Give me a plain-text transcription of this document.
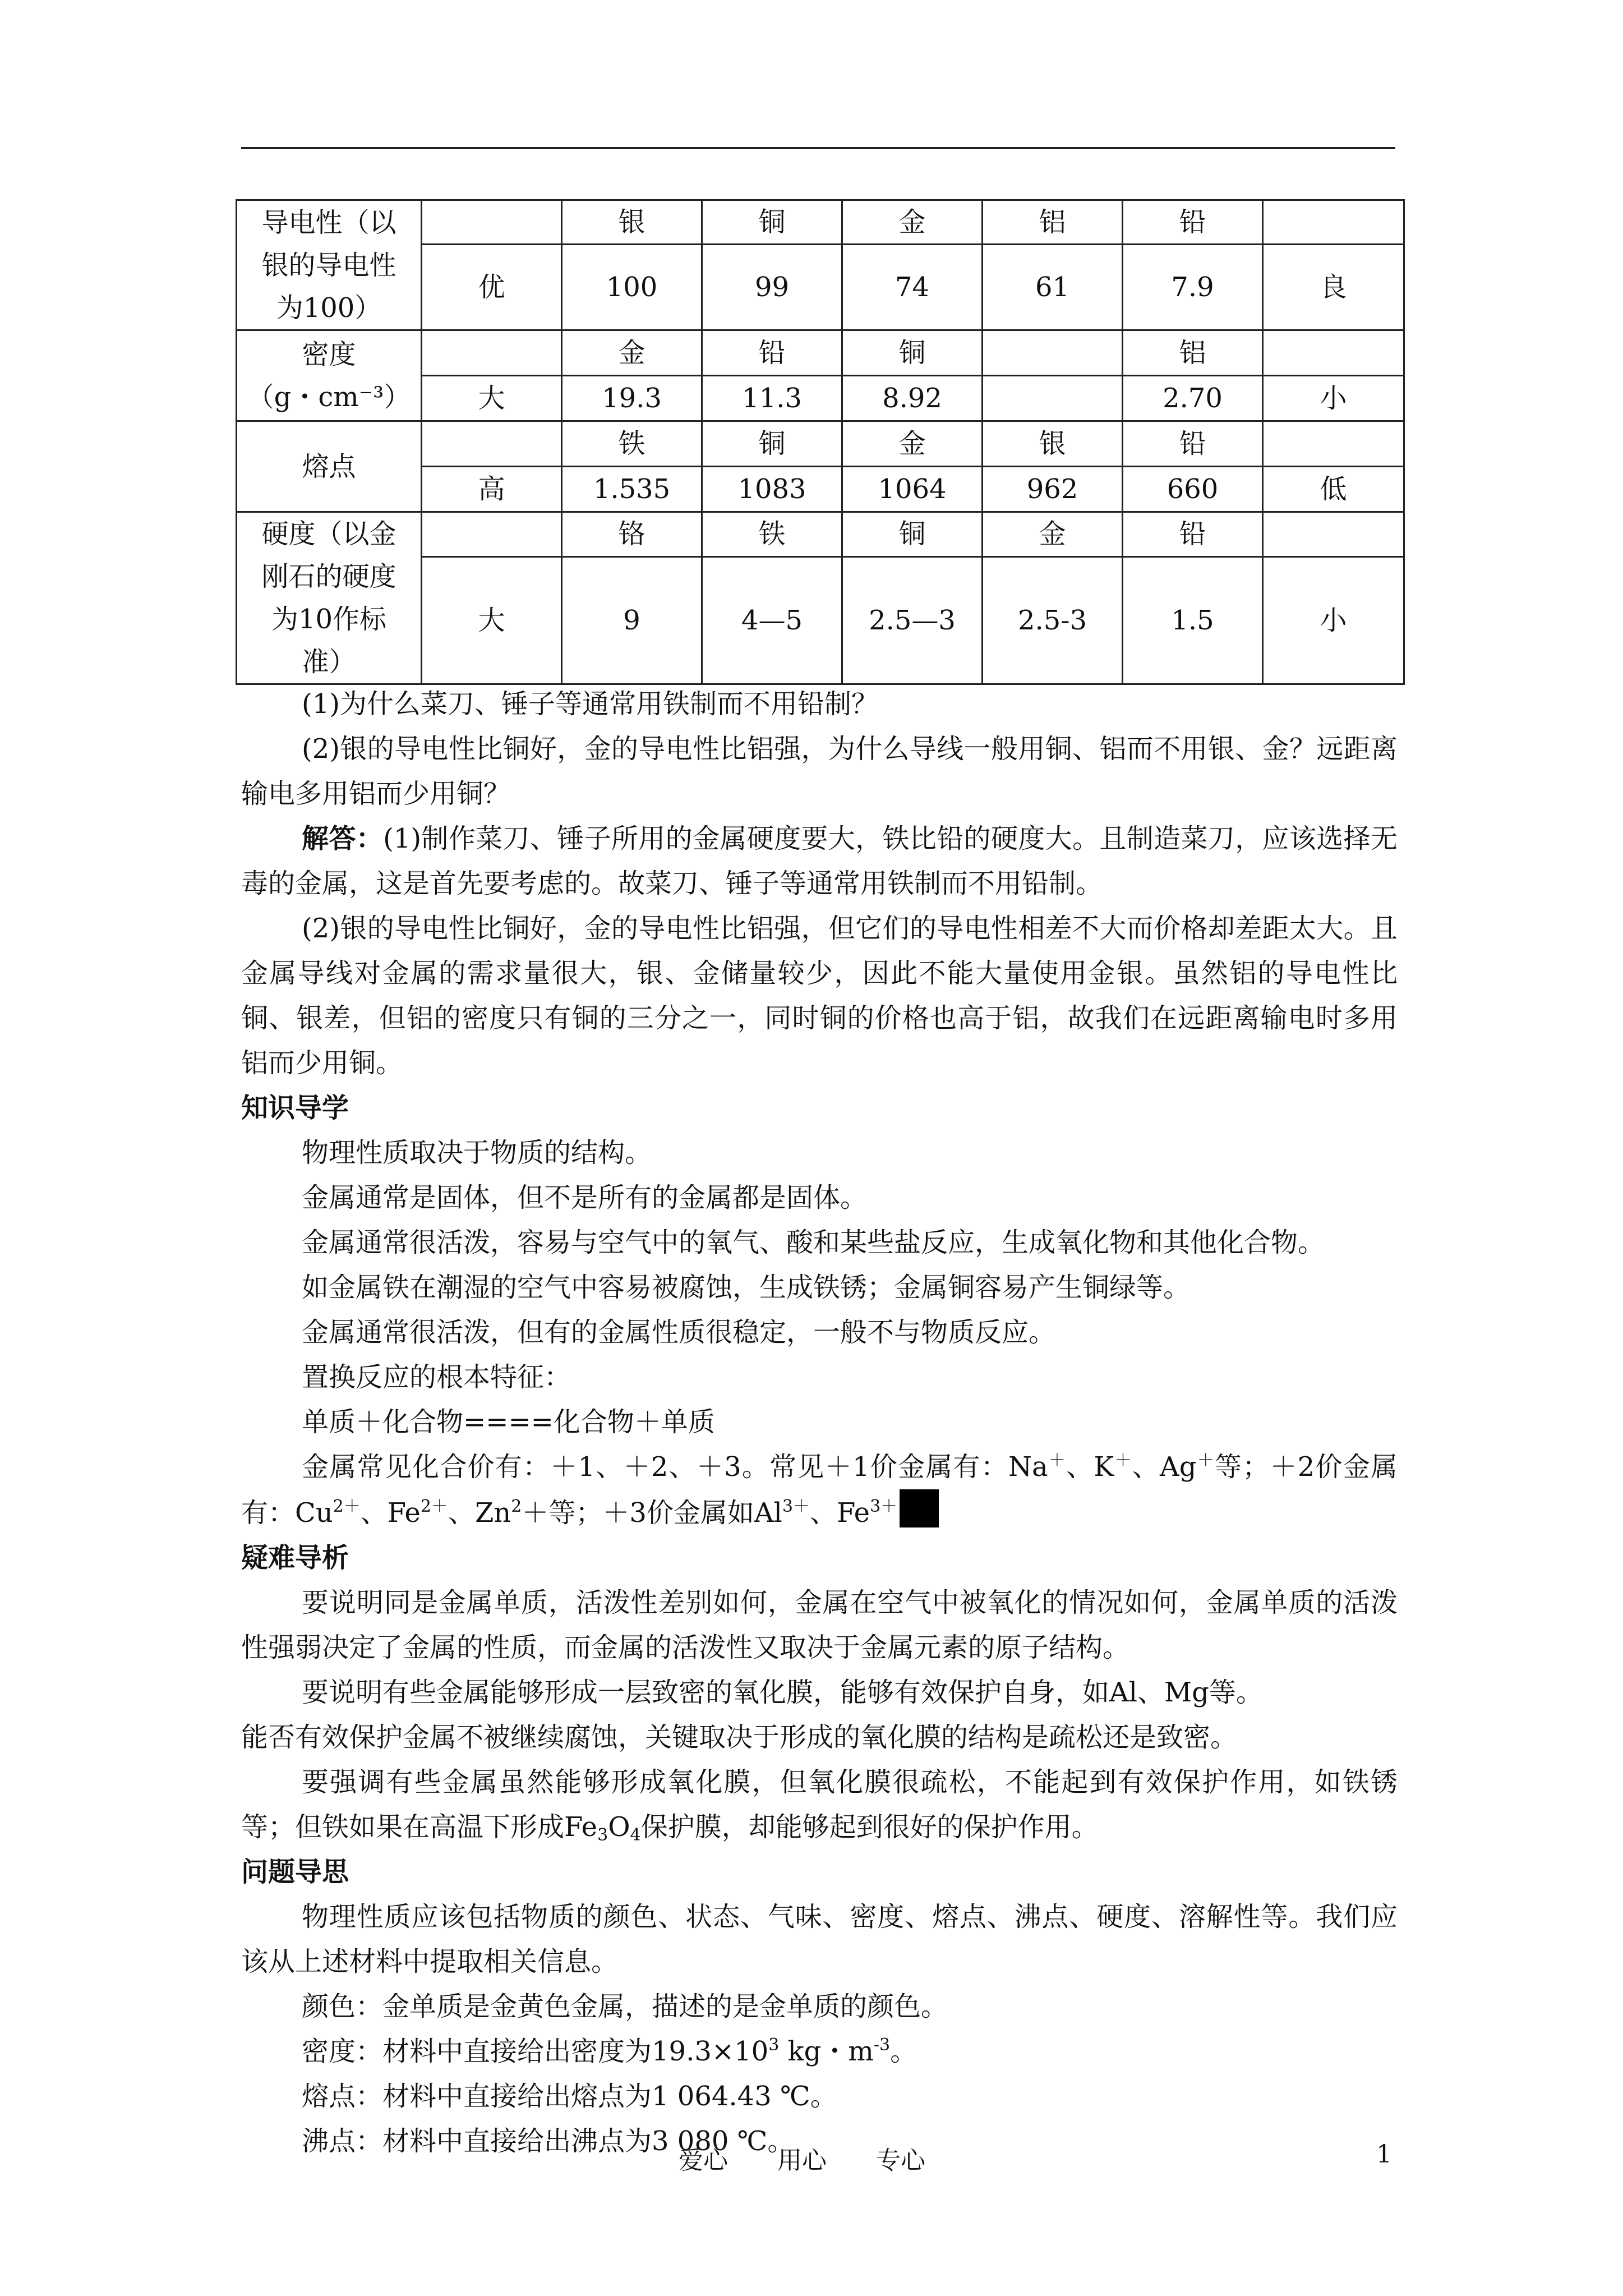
导电性（以
银的导电性
为100）		银	铜	金	铝	铅	
	优	100	99	74	61	7.9	良

密度
（g・cm⁻³）		金	铅	铜		铝	
	大	19.3	11.3	8.92		2.70	小
熔点		铁	铜	金	银	铅	
	高	1.535	1083	1064	962	660	低

硬度（以金
刚石的硬度
为10作标
准）		铬	铁	铜	金	铅	
	大	9	4—5	2.5—3	2.5-3	1.5	小

(1)为什么菜刀、锤子等通常用铁制而不用铅制？

(2)银的导电性比铜好，金的导电性比铝强，为什么导线一般用铜、铝而不用银、金？远距离输电多用铝而少用铜？

解答：(1)制作菜刀、锤子所用的金属硬度要大，铁比铅的硬度大。且制造菜刀，应该选择无毒的金属，这是首先要考虑的。故菜刀、锤子等通常用铁制而不用铅制。

(2)银的导电性比铜好，金的导电性比铝强，但它们的导电性相差不大而价格却差距太大。且金属导线对金属的需求量很大，银、金储量较少，因此不能大量使用金银。虽然铝的导电性比铜、银差，但铝的密度只有铜的三分之一，同时铜的价格也高于铝，故我们在远距离输电时多用铝而少用铜。

知识导学

物理性质取决于物质的结构。

金属通常是固体，但不是所有的金属都是固体。

金属通常很活泼，容易与空气中的氧气、酸和某些盐反应，生成氧化物和其他化合物。

如金属铁在潮湿的空气中容易被腐蚀，生成铁锈；金属铜容易产生铜绿等。

金属通常很活泼，但有的金属性质很稳定，一般不与物质反应。

置换反应的根本特征：

单质＋化合物====化合物＋单质

金属常见化合价有：＋1、＋2、＋3。常见＋1价金属有：Na＋、K＋、Ag＋等；＋2价金属有：$Cu^{2+}$、$Fe^{2+}$、$Zn^2+$等；＋3价金属如$Al^{3+}$、$Fe^{3+}$

疑难导析

要说明同是金属单质，活泼性差别如何，金属在空气中被氧化的情况如何，金属单质的活泼性强弱决定了金属的性质，而金属的活泼性又取决于金属元素的原子结构。

要说明有些金属能够形成一层致密的氧化膜，能够有效保护自身，如Al、Mg等。

能否有效保护金属不被继续腐蚀，关键取决于形成的氧化膜的结构是疏松还是致密。

要强调有些金属虽然能够形成氧化膜，但氧化膜很疏松，不能起到有效保护作用，如铁锈等；但铁如果在高温下形成$Fe_3O_4$保护膜，却能够起到很好的保护作用。

问题导思

物理性质应该包括物质的颜色、状态、气味、密度、熔点、沸点、硬度、溶解性等。我们应该从上述材料中提取相关信息。

颜色：金单质是金黄色金属，描述的是金单质的颜色。

密度：材料中直接给出密度为$19.3\times 10^3$ kg・$m^{-3}$。

熔点：材料中直接给出熔点为1 064.43 ℃。

沸点：材料中直接给出沸点为3 080 ℃。

爱心　　用心　　专心	1
